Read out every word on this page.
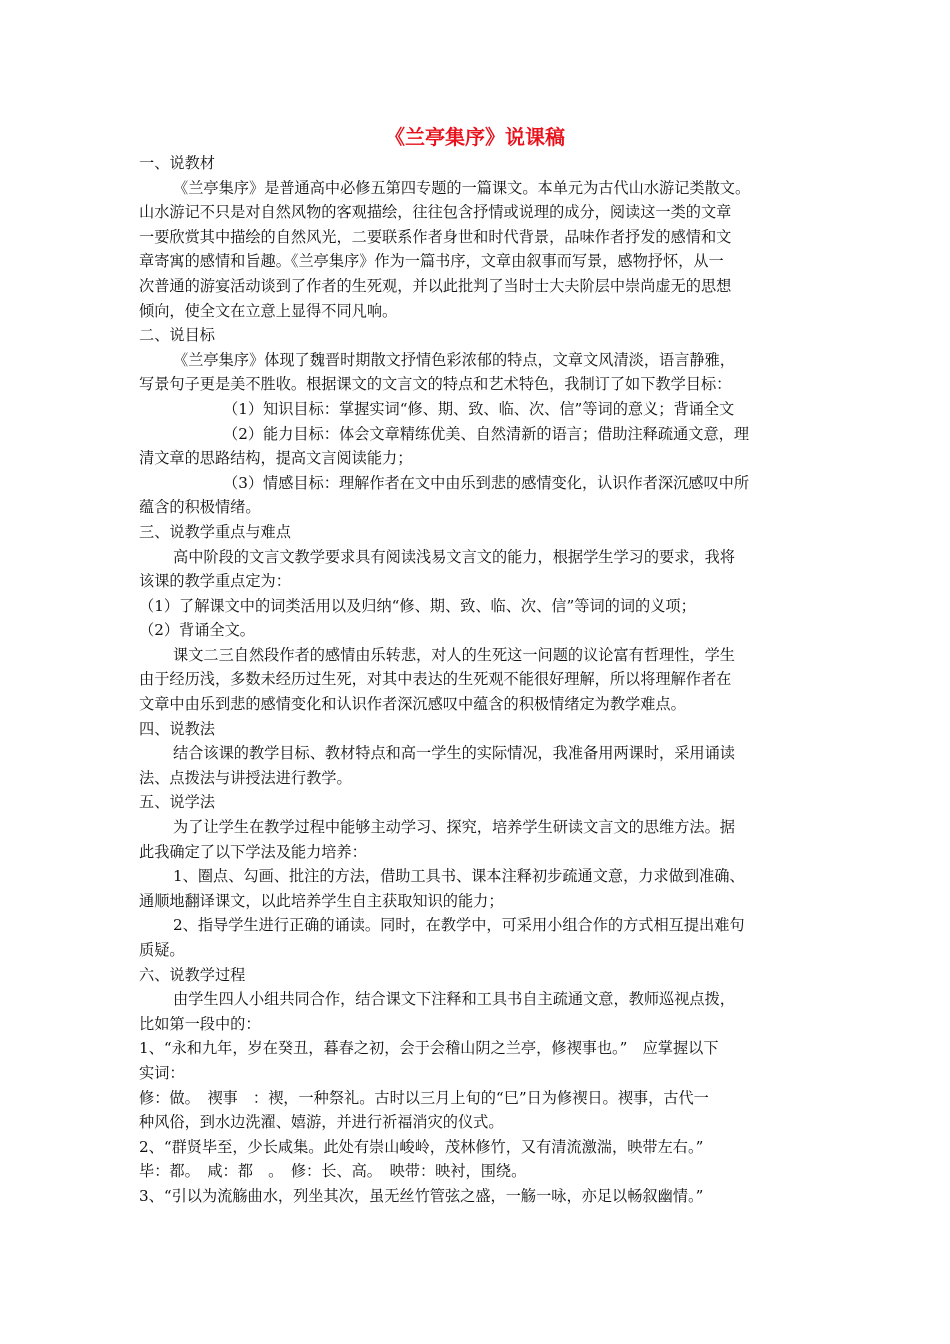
《兰亭集序》说课稿

一、说教材

《兰亭集序》是普通高中必修五第四专题的一篇课文。本单元为古代山水游记类散文。

山水游记不只是对自然风物的客观描绘，往往包含抒情或说理的成分，阅读这一类的文章

一要欣赏其中描绘的自然风光，二要联系作者身世和时代背景，品味作者抒发的感情和文

章寄寓的感情和旨趣。《兰亭集序》作为一篇书序，文章由叙事而写景，感物抒怀，从一

次普通的游宴活动谈到了作者的生死观，并以此批判了当时士大夫阶层中崇尚虚无的思想

倾向，使全文在立意上显得不同凡响。

二、说目标

《兰亭集序》体现了魏晋时期散文抒情色彩浓郁的特点，文章文风清淡，语言静雅，

写景句子更是美不胜收。根据课文的文言文的特点和艺术特色，我制订了如下教学目标：

（1）知识目标：掌握实词“修、期、致、临、次、信”等词的意义；背诵全文

（2）能力目标：体会文章精练优美、自然清新的语言；借助注释疏通文意，理

清文章的思路结构，提高文言阅读能力；

（3）情感目标：理解作者在文中由乐到悲的感情变化，认识作者深沉感叹中所

蕴含的积极情绪。

三、说教学重点与难点

高中阶段的文言文教学要求具有阅读浅易文言文的能力，根据学生学习的要求，我将

该课的教学重点定为：

（1）了解课文中的词类活用以及归纳“修、期、致、临、次、信”等词的词的义项；

（2）背诵全文。

课文二三自然段作者的感情由乐转悲，对人的生死这一问题的议论富有哲理性，学生

由于经历浅，多数未经历过生死，对其中表达的生死观不能很好理解，所以将理解作者在

文章中由乐到悲的感情变化和认识作者深沉感叹中蕴含的积极情绪定为教学难点。

四、说教法

结合该课的教学目标、教材特点和高一学生的实际情况，我准备用两课时，采用诵读

法、点拨法与讲授法进行教学。

五、说学法

为了让学生在教学过程中能够主动学习、探究，培养学生研读文言文的思维方法。据

此我确定了以下学法及能力培养：

1、圈点、勾画、批注的方法，借助工具书、课本注释初步疏通文意，力求做到准确、

通顺地翻译课文，以此培养学生自主获取知识的能力；

2、指导学生进行正确的诵读。同时，在教学中，可采用小组合作的方式相互提出难句

质疑。

六、说教学过程

由学生四人小组共同合作，结合课文下注释和工具书自主疏通文意，教师巡视点拨，

比如第一段中的：

1、“永和九年，岁在癸丑，暮春之初，会于会稽山阴之兰亭，修禊事也。”　应掌握以下

实词：

修：做。　禊事　：禊，一种祭礼。古时以三月上旬的“巳”日为修禊日。禊事，古代一

种风俗，到水边洗濯、嬉游，并进行祈福消灾的仪式。

2、“群贤毕至，少长咸集。此处有崇山峻岭，茂林修竹，又有清流激湍，映带左右。”

毕：都。　咸：都　。　修：长、高。　映带：映衬，围绕。

3、“引以为流觞曲水，列坐其次，虽无丝竹管弦之盛，一觞一咏，亦足以畅叙幽情。”
